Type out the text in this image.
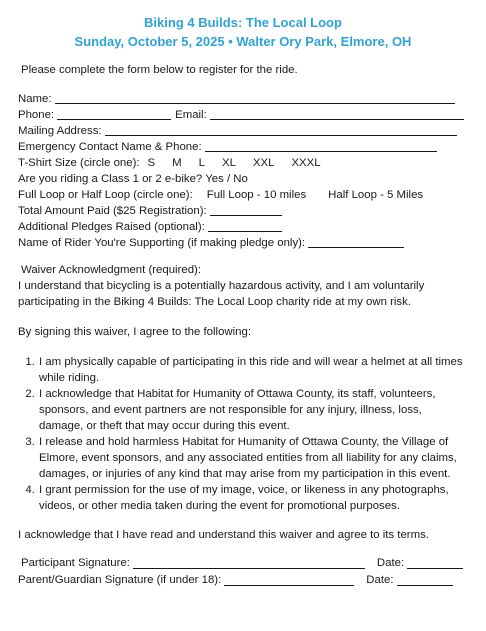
Biking 4 Builds: The Local Loop
Sunday, October 5, 2025 • Walter Ory Park, Elmore, OH
Please complete the form below to register for the ride.
Name:
Phone:	Email:
Mailing Address:
Emergency Contact Name & Phone:
T-Shirt Size (circle one): S M L XL XXL XXXL
Are you riding a Class 1 or 2 e-bike? Yes / No
Full Loop or Half Loop (circle one): Full Loop - 10 miles Half Loop - 5 Miles
Total Amount Paid ($25 Registration):
Additional Pledges Raised (optional):
Name of Rider You're Supporting (if making pledge only):
Waiver Acknowledgment (required):
I understand that bicycling is a potentially hazardous activity, and I am voluntarily participating in the Biking 4 Builds: The Local Loop charity ride at my own risk.
By signing this waiver, I agree to the following:
1. I am physically capable of participating in this ride and will wear a helmet at all times while riding.
2. I acknowledge that Habitat for Humanity of Ottawa County, its staff, volunteers, sponsors, and event partners are not responsible for any injury, illness, loss, damage, or theft that may occur during this event.
3. I release and hold harmless Habitat for Humanity of Ottawa County, the Village of Elmore, event sponsors, and any associated entities from all liability for any claims, damages, or injuries of any kind that may arise from my participation in this event.
4. I grant permission for the use of my image, voice, or likeness in any photographs, videos, or other media taken during the event for promotional purposes.
I acknowledge that I have read and understand this waiver and agree to its terms.
Participant Signature:	Date:
Parent/Guardian Signature (if under 18):	Date:
